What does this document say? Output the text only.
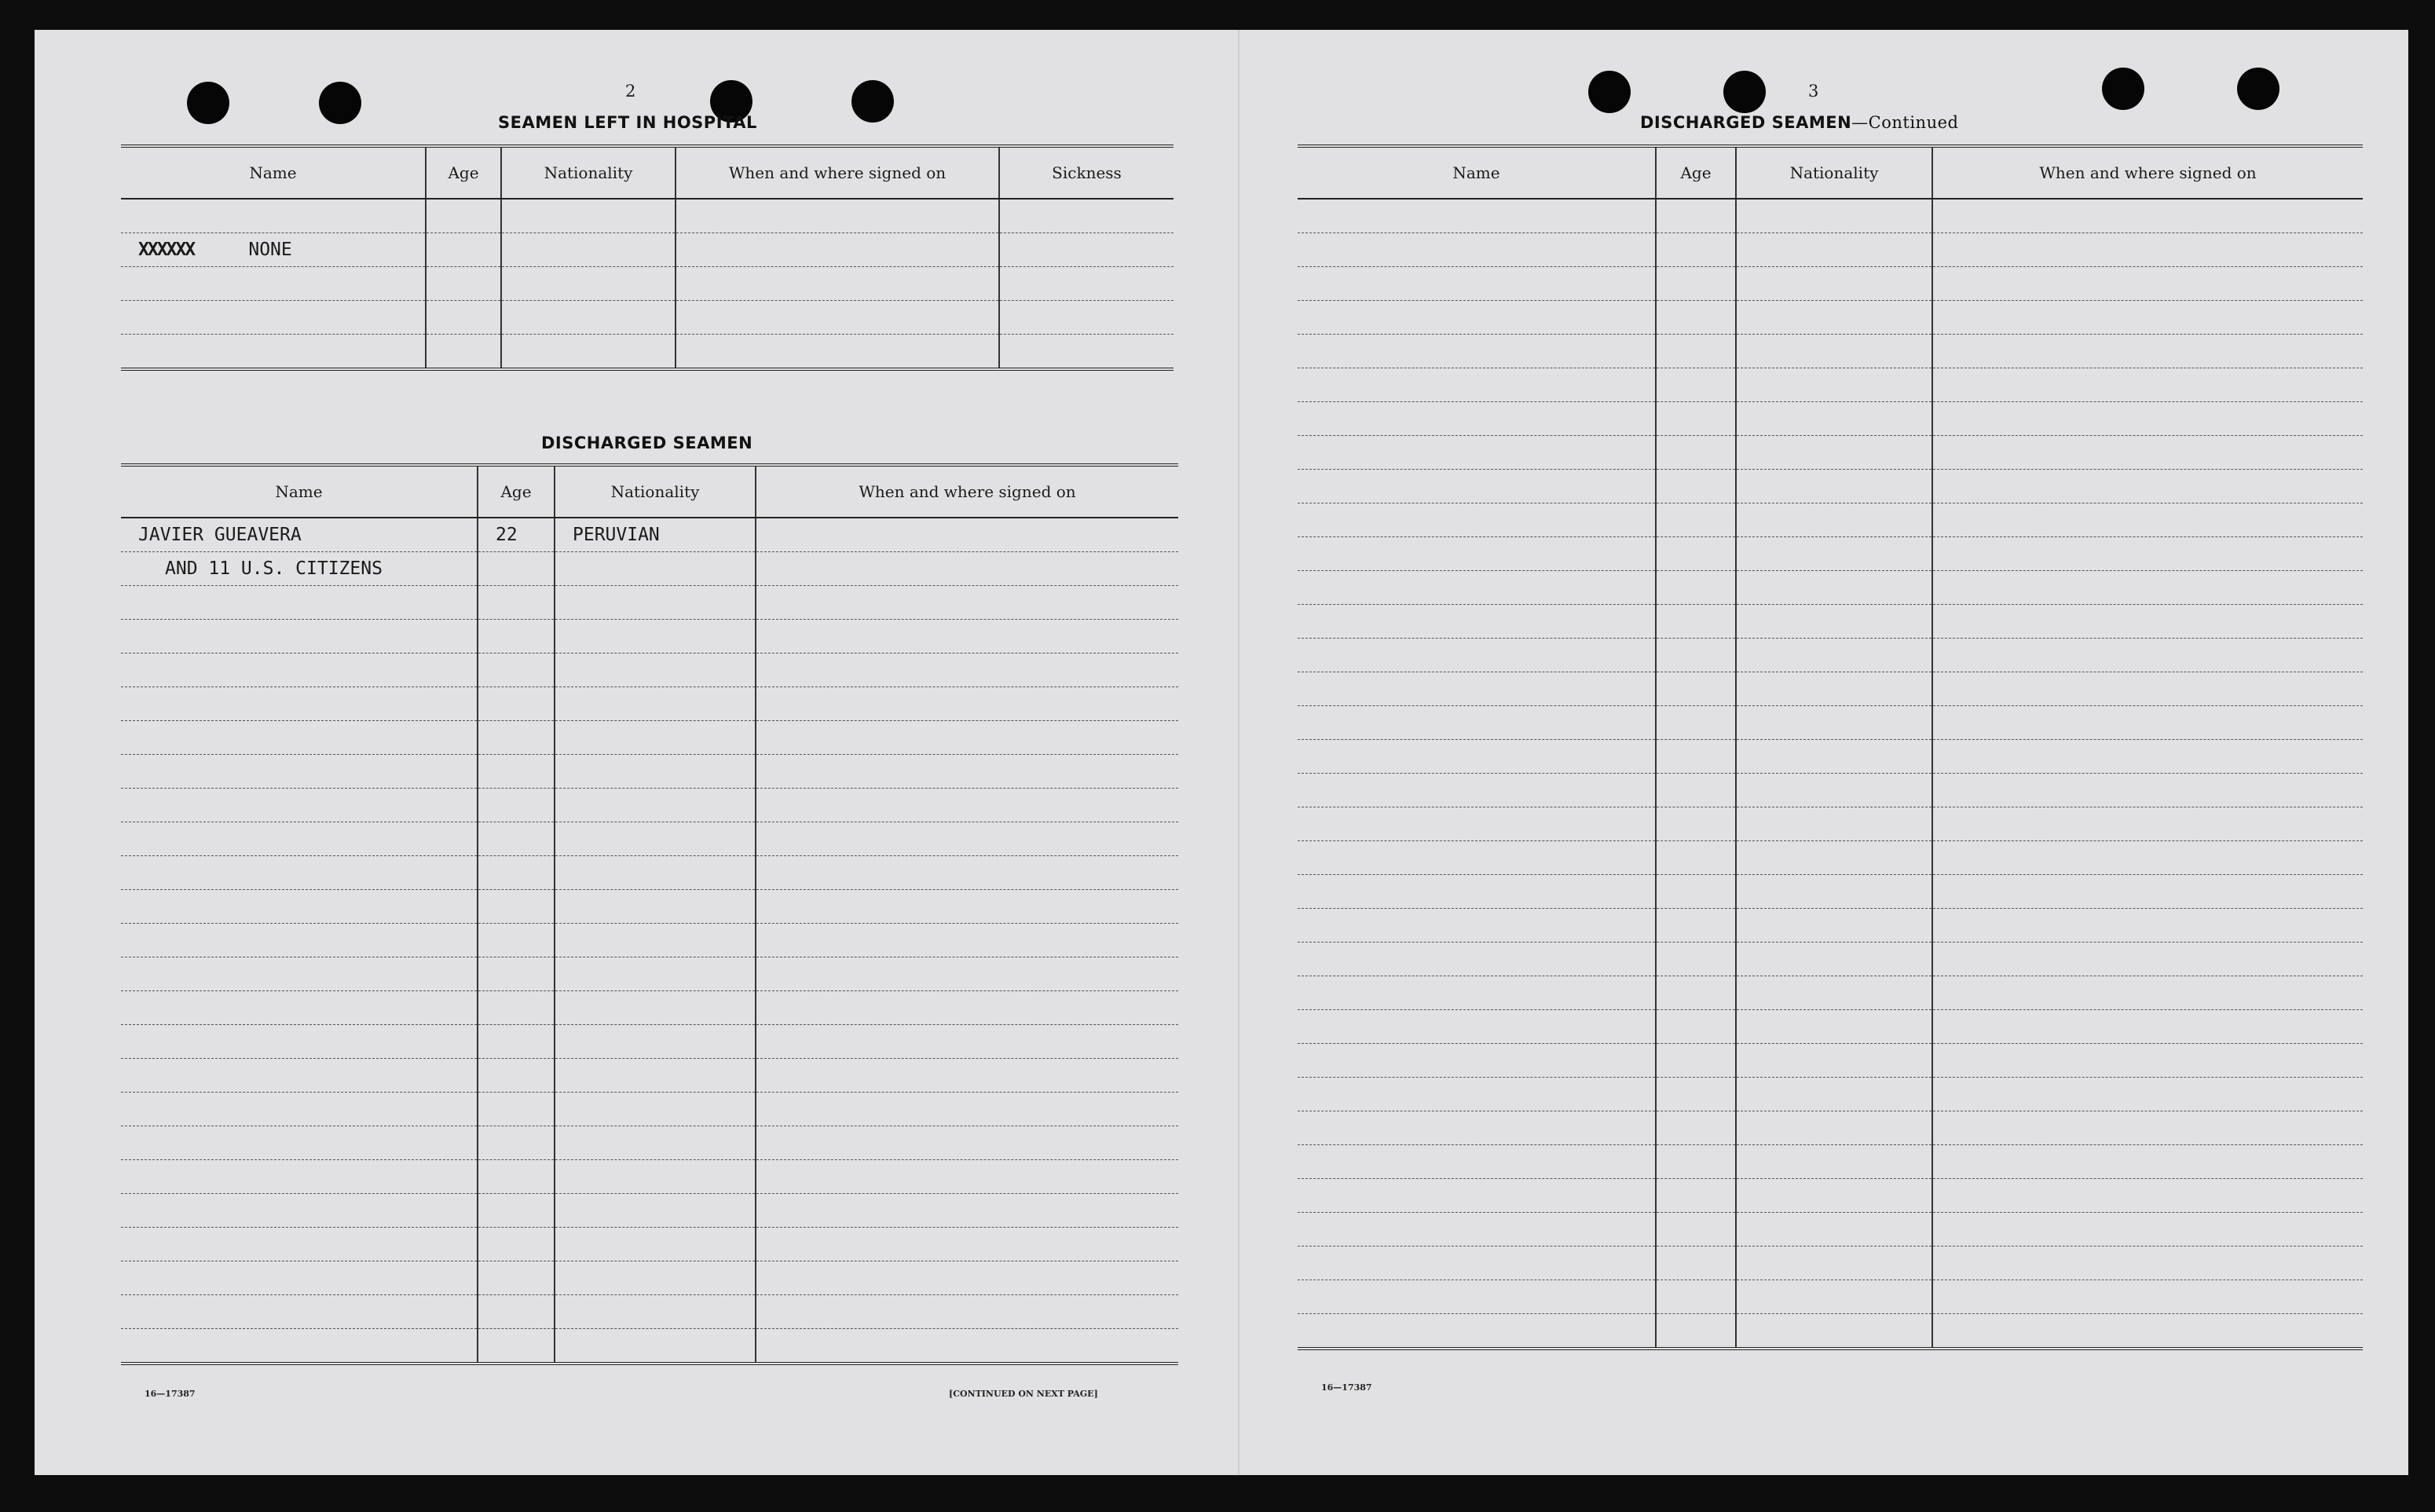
2
SEAMEN LEFT IN HOSPITAL
Name	Age	Nationality	When and where signed on	Sickness

XXXXXX NONE				

DISCHARGED SEAMEN
Name	Age	Nationality	When and where signed on
JAVIER GUEAVERA	22	PERUVIAN	
AND 11 U.S. CITIZENS			

16—17387	[CONTINUED ON NEXT PAGE]
3
DISCHARGED SEAMEN—Continued
Name	Age	Nationality	When and where signed on

16—17387
